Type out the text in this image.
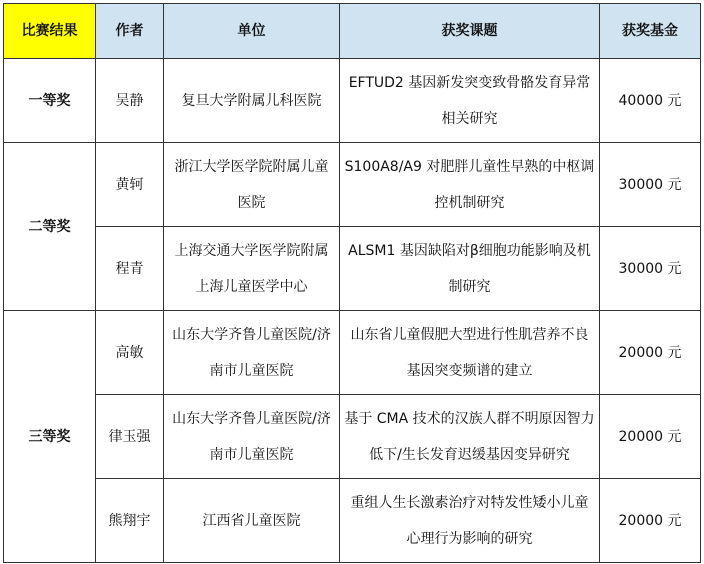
比赛结果	作者	单位	获奖课题	获奖基金
一等奖	吴静	复旦大学附属儿科医院	EFTUD2 基因新发突变致骨骼发育异常相关研究	40000 元
二等奖	黄轲	浙江大学医学院附属儿童医院	S100A8/A9 对肥胖儿童性早熟的中枢调控机制研究	30000 元
	程青	上海交通大学医学院附属上海儿童医学中心	ALSM1 基因缺陷对β细胞功能影响及机制研究	30000 元
三等奖	高敏	山东大学齐鲁儿童医院/济南市儿童医院	山东省儿童假肥大型进行性肌营养不良基因突变频谱的建立	20000 元
	律玉强	山东大学齐鲁儿童医院/济南市儿童医院	基于 CMA 技术的汉族人群不明原因智力低下/生长发育迟缓基因变异研究	20000 元
	熊翔宇	江西省儿童医院	重组人生长激素治疗对特发性矮小儿童心理行为影响的研究	20000 元
